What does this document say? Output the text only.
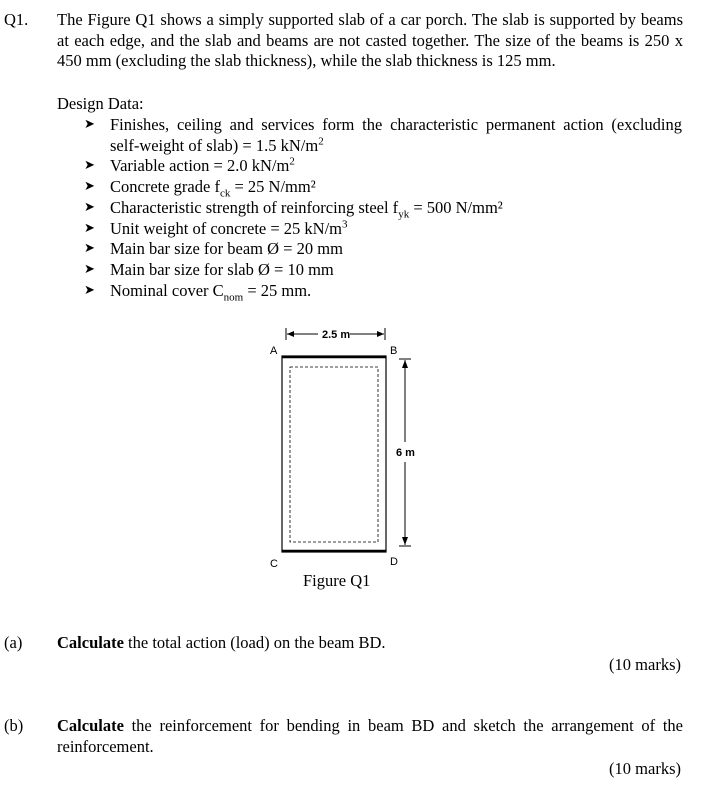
Q1. The Figure Q1 shows a simply supported slab of a car porch. The slab is supported by beams at each edge, and the slab and beams are not casted together. The size of the beams is 250 x 450 mm (excluding the slab thickness), while the slab thickness is 125 mm.

Design Data:
➤ Finishes, ceiling and services form the characteristic permanent action (excluding self-weight of slab) = 1.5 $kN/m^2$
➤ Variable action = 2.0 $kN/m^2$
➤ Concrete grade $f_{ck} = 25$ N/mm²
➤ Characteristic strength of reinforcing steel $f_{yk} = 500$ N/mm²
➤ Unit weight of concrete = 25 $kN/m^3$
➤ Main bar size for beam Ø = 20 mm
➤ Main bar size for slab Ø = 10 mm
➤ Nominal cover $C_{nom} = 25$ mm.
2.5 m
6 m
A	B
C	D
Figure Q1
(a) Calculate the total action (load) on the beam BD.
(10 marks)
(b) Calculate the reinforcement for bending in beam BD and sketch the arrangement of the reinforcement.
(10 marks)
